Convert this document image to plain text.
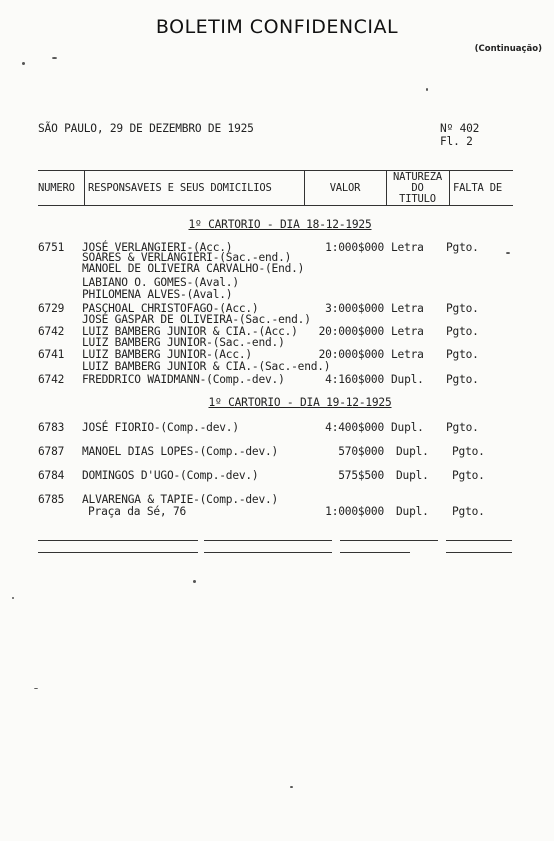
BOLETIM CONFIDENCIAL
(Continuação)
SÃO PAULO, 29 DE DEZEMBRO DE 1925	Nº 402
Fl. 2
NUMERO RESPONSAVEIS E SEUS DOMICILIOS	VALOR
NATUREZA
DO
TITULO
FALTA DE
1º CARTORIO - DIA 18-12-1925
6751 JOSÉ VERLANGIERI-(Acc.)
SOARES & VERLANGIERI-(Sac.-end.)
MANOEL DE OLIVEIRA CARVALHO-(End.)
LABIANO O. GOMES-(Aval.)
PHILOMENA ALVES-(Aval.)
1:000$000 Letra Pgto.
6729 PASCHOAL CHRISTOFAGO-(Acc.)
JOSÉ GASPAR DE OLIVEIRA-(Sac.-end.)
3:000$000 Letra Pgto.
6742 LUIZ BAMBERG JUNIOR & CIA.-(Acc.)
LUIZ BAMBERG JUNIOR-(Sac.-end.)
20:000$000 Letra Pgto.
6741 LUIZ BAMBERG JUNIOR-(Acc.)
LUIZ BAMBERG JUNIOR & CIA.-(Sac.-end.)
20:000$000 Letra Pgto.
6742 FREDDRICO WAIDMANN-(Comp.-dev.)	4:160$000 Dupl. Pgto.
1º CARTORIO - DIA 19-12-1925
6783 JOSÉ FIORIO-(Comp.-dev.)	4:400$000 Dupl. Pgto.
6787 MANOEL DIAS LOPES-(Comp.-dev.)	570$000 Dupl. Pgto.
6784 DOMINGOS D'UGO-(Comp.-dev.)	575$500 Dupl. Pgto.
6785 ALVARENGA & TAPIE-(Comp.-dev.)
Praça da Sé, 76	1:000$000 Dupl. Pgto.
